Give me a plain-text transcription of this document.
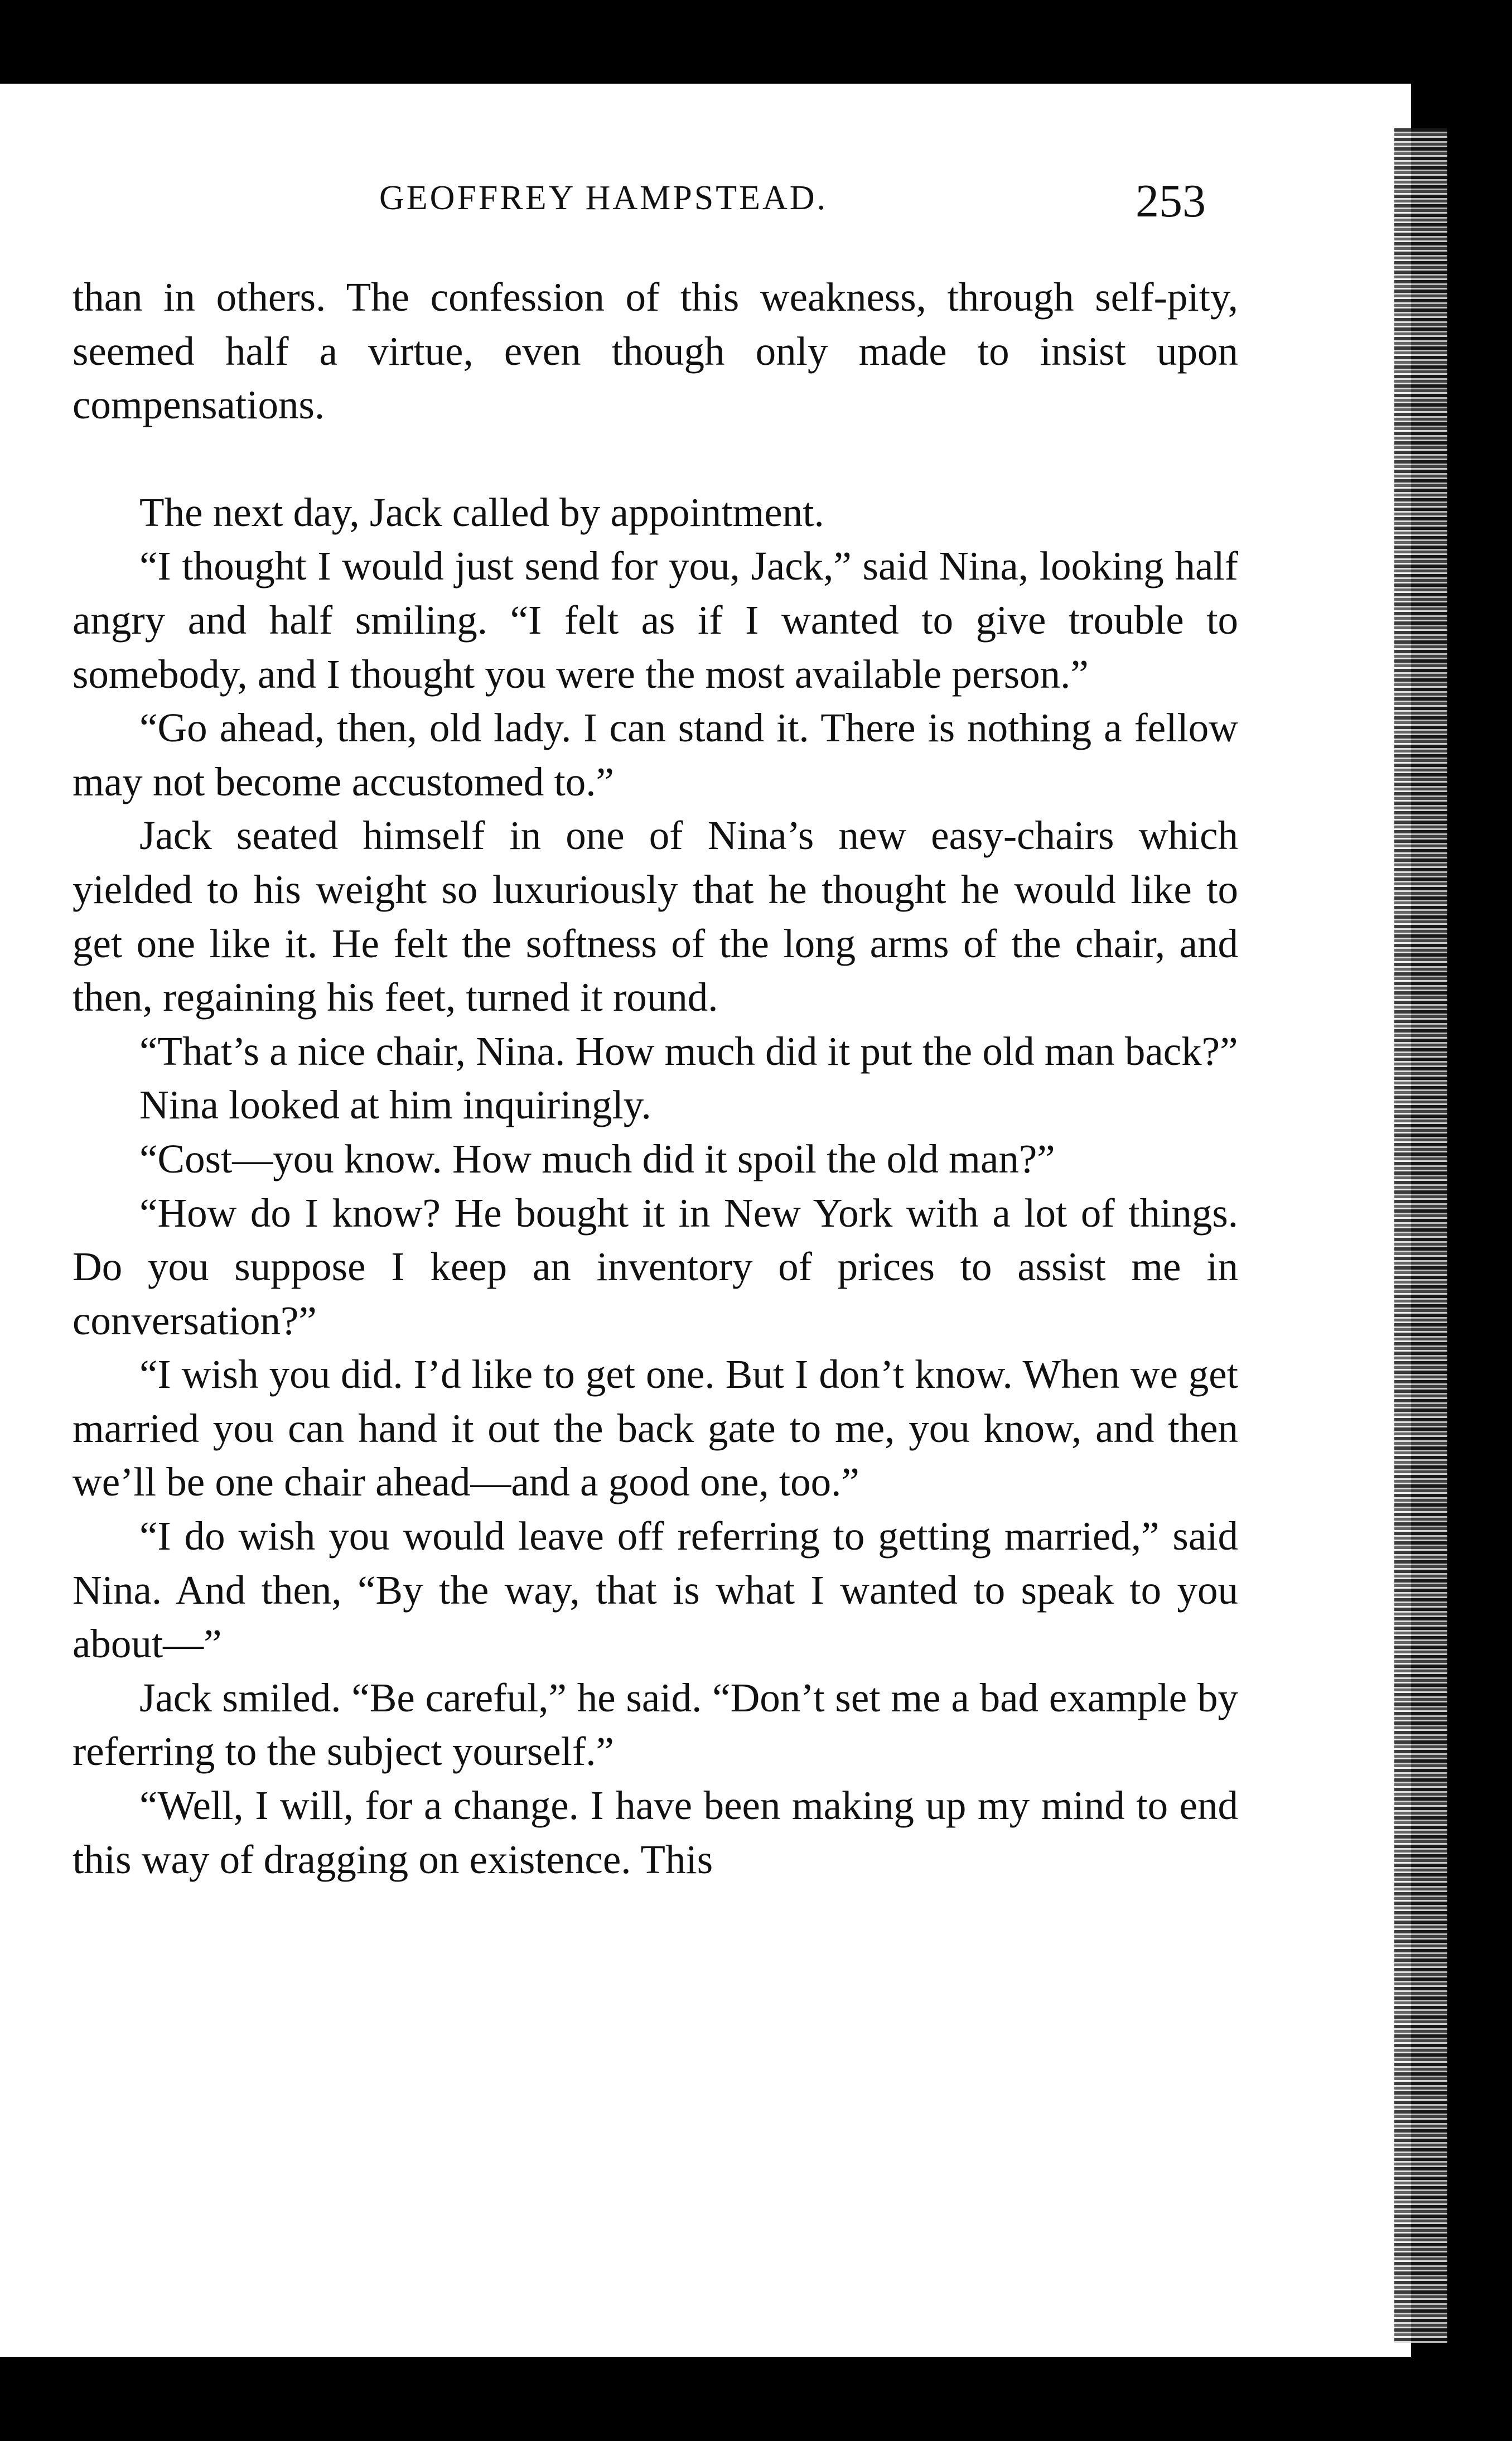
GEOFFREY HAMPSTEAD.	253

than in others. The confession of this weakness, through self-pity, seemed half a virtue, even though only made to insist upon compensations.

The next day, Jack called by appointment.

“I thought I would just send for you, Jack,” said Nina, looking half angry and half smiling. “I felt as if I wanted to give trouble to somebody, and I thought you were the most available person.”

“Go ahead, then, old lady. I can stand it. There is nothing a fellow may not become accustomed to.”

Jack seated himself in one of Nina’s new easy-chairs which yielded to his weight so luxuriously that he thought he would like to get one like it. He felt the softness of the long arms of the chair, and then, regaining his feet, turned it round.

“That’s a nice chair, Nina. How much did it put the old man back?”

Nina looked at him inquiringly.

“Cost—you know. How much did it spoil the old man?”

“How do I know? He bought it in New York with a lot of things. Do you suppose I keep an inventory of prices to assist me in conversation?”

“I wish you did. I’d like to get one. But I don’t know. When we get married you can hand it out the back gate to me, you know, and then we’ll be one chair ahead—and a good one, too.”

“I do wish you would leave off referring to getting married,” said Nina. And then, “By the way, that is what I wanted to speak to you about—”

Jack smiled. “Be careful,” he said. “Don’t set me a bad example by referring to the subject yourself.”

“Well, I will, for a change. I have been making up my mind to end this way of dragging on existence. This
